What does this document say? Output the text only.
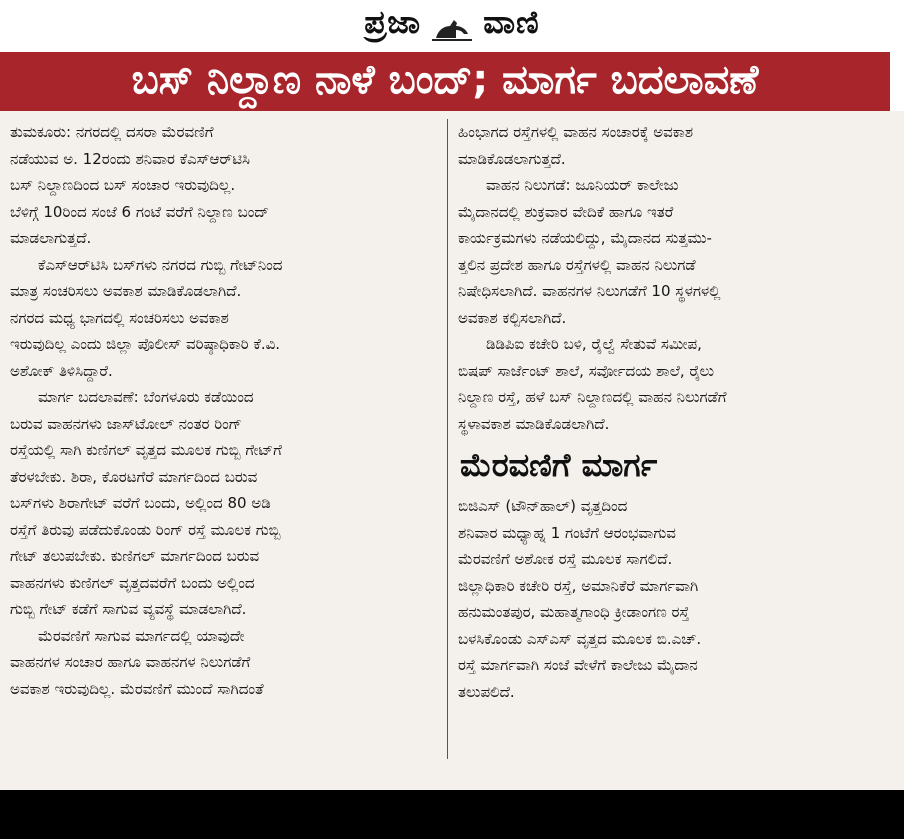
ಪ್ರಜಾ ವಾಣಿ
ಬಸ್ ನಿಲ್ದಾಣ ನಾಳೆ ಬಂದ್; ಮಾರ್ಗ ಬದಲಾವಣೆ
ತುಮಕೂರು: ನಗರದಲ್ಲಿ ದಸರಾ ಮೆರವಣಿಗೆ
ನಡೆಯುವ ಅ. 12ರಂದು ಶನಿವಾರ ಕೆಎಸ್‌ಆರ್‌ಟಿಸಿ
ಬಸ್ ನಿಲ್ದಾಣದಿಂದ ಬಸ್ ಸಂಚಾರ ಇರುವುದಿಲ್ಲ.
ಬೆಳಿಗ್ಗೆ 10ರಿಂದ ಸಂಜೆ 6 ಗಂಟೆ ವರೆಗೆ ನಿಲ್ದಾಣ ಬಂದ್
ಮಾಡಲಾಗುತ್ತದೆ.
ಕೆಎಸ್‌ಆರ್‌ಟಿಸಿ ಬಸ್‌ಗಳು ನಗರದ ಗುಬ್ಬಿ ಗೇಟ್‌ನಿಂದ
ಮಾತ್ರ ಸಂಚರಿಸಲು ಅವಕಾಶ ಮಾಡಿಕೊಡಲಾಗಿದೆ.
ನಗರದ ಮಧ್ಯ ಭಾಗದಲ್ಲಿ ಸಂಚರಿಸಲು ಅವಕಾಶ
ಇರುವುದಿಲ್ಲ ಎಂದು ಜಿಲ್ಲಾ ಪೊಲೀಸ್ ವರಿಷ್ಠಾಧಿಕಾರಿ ಕೆ.ವಿ.
ಅಶೋಕ್ ತಿಳಿಸಿದ್ದಾರೆ.
ಮಾರ್ಗ ಬದಲಾವಣೆ: ಬೆಂಗಳೂರು ಕಡೆಯಿಂದ
ಬರುವ ವಾಹನಗಳು ಜಾಸ್‌ಟೋಲ್ ನಂತರ ರಿಂಗ್
ರಸ್ತೆಯಲ್ಲಿ ಸಾಗಿ ಕುಣಿಗಲ್ ವೃತ್ತದ ಮೂಲಕ ಗುಬ್ಬಿ ಗೇಟ್‌ಗೆ
ತೆರಳಬೇಕು. ಶಿರಾ, ಕೊರಟಗೆರೆ ಮಾರ್ಗದಿಂದ ಬರುವ
ಬಸ್‌ಗಳು ಶಿರಾಗೇಟ್ ವರೆಗೆ ಬಂದು, ಅಲ್ಲಿಂದ 80 ಅಡಿ
ರಸ್ತೆಗೆ ತಿರುವು ಪಡೆದುಕೊಂಡು ರಿಂಗ್ ರಸ್ತೆ ಮೂಲಕ ಗುಬ್ಬಿ
ಗೇಟ್ ತಲುಪಬೇಕು. ಕುಣಿಗಲ್ ಮಾರ್ಗದಿಂದ ಬರುವ
ವಾಹನಗಳು ಕುಣಿಗಲ್ ವೃತ್ತದವರೆಗೆ ಬಂದು ಅಲ್ಲಿಂದ
ಗುಬ್ಬಿ ಗೇಟ್ ಕಡೆಗೆ ಸಾಗುವ ವ್ಯವಸ್ಥೆ ಮಾಡಲಾಗಿದೆ.
ಮೆರವಣಿಗೆ ಸಾಗುವ ಮಾರ್ಗದಲ್ಲಿ ಯಾವುದೇ
ವಾಹನಗಳ ಸಂಚಾರ ಹಾಗೂ ವಾಹನಗಳ ನಿಲುಗಡೆಗೆ
ಅವಕಾಶ ಇರುವುದಿಲ್ಲ. ಮೆರವಣಿಗೆ ಮುಂದೆ ಸಾಗಿದಂತೆ
ಹಿಂಭಾಗದ ರಸ್ತೆಗಳಲ್ಲಿ ವಾಹನ ಸಂಚಾರಕ್ಕೆ ಅವಕಾಶ
ಮಾಡಿಕೊಡಲಾಗುತ್ತದೆ.
ವಾಹನ ನಿಲುಗಡೆ: ಜೂನಿಯರ್ ಕಾಲೇಜು
ಮೈದಾನದಲ್ಲಿ ಶುಕ್ರವಾರ ವೇದಿಕೆ ಹಾಗೂ ಇತರೆ
ಕಾರ್ಯಕ್ರಮಗಳು ನಡೆಯಲಿದ್ದು, ಮೈದಾನದ ಸುತ್ತಮು-
ತ್ತಲಿನ ಪ್ರದೇಶ ಹಾಗೂ ರಸ್ತೆಗಳಲ್ಲಿ ವಾಹನ ನಿಲುಗಡೆ
ನಿಷೇಧಿಸಲಾಗಿದೆ. ವಾಹನಗಳ ನಿಲುಗಡೆಗೆ 10 ಸ್ಥಳಗಳಲ್ಲಿ
ಅವಕಾಶ ಕಲ್ಪಿಸಲಾಗಿದೆ.
ಡಿಡಿಪಿಐ ಕಚೇರಿ ಬಳಿ, ರೈಲ್ವೆ ಸೇತುವೆ ಸಮೀಪ,
ಬಿಷಪ್ ಸಾರ್ಜೆಂಟ್ ಶಾಲೆ, ಸರ್ವೋದಯ ಶಾಲೆ, ರೈಲು
ನಿಲ್ದಾಣ ರಸ್ತೆ, ಹಳೆ ಬಸ್ ನಿಲ್ದಾಣದಲ್ಲಿ ವಾಹನ ನಿಲುಗಡೆಗೆ
ಸ್ಥಳಾವಕಾಶ ಮಾಡಿಕೊಡಲಾಗಿದೆ.
ಮೆರವಣಿಗೆ ಮಾರ್ಗ
ಬಿಜಿಎಸ್ (ಟೌನ್‌ಹಾಲ್) ವೃತ್ತದಿಂದ
ಶನಿವಾರ ಮಧ್ಯಾಹ್ನ 1 ಗಂಟೆಗೆ ಆರಂಭವಾಗುವ
ಮೆರವಣಿಗೆ ಅಶೋಕ ರಸ್ತೆ ಮೂಲಕ ಸಾಗಲಿದೆ.
ಜಿಲ್ಲಾಧಿಕಾರಿ ಕಚೇರಿ ರಸ್ತೆ, ಅಮಾನಿಕೆರೆ ಮಾರ್ಗವಾಗಿ
ಹನುಮಂತಪುರ, ಮಹಾತ್ಮಗಾಂಧಿ ಕ್ರೀಡಾಂಗಣ ರಸ್ತೆ
ಬಳಸಿಕೊಂಡು ಎಸ್‌ಎಸ್ ವೃತ್ತದ ಮೂಲಕ ಬಿ.ಎಚ್.
ರಸ್ತೆ ಮಾರ್ಗವಾಗಿ ಸಂಜೆ ವೇಳೆಗೆ ಕಾಲೇಜು ಮೈದಾನ
ತಲುಪಲಿದೆ.
